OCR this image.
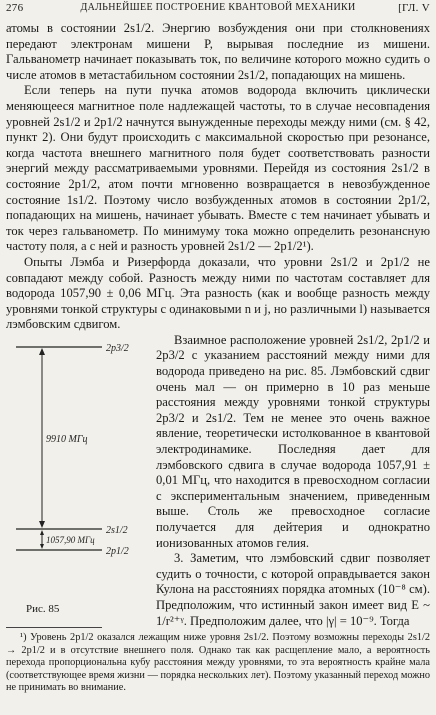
276	ДАЛЬНЕЙШЕЕ ПОСТРОЕНИЕ КВАНТОВОЙ МЕХАНИКИ	[ГЛ. V

атомы в состоянии 2s1/2. Энергию возбуждения они при столкновениях передают электронам мишени P, вырывая последние из мишени. Гальванометр начинает показывать ток, по величине которого можно судить о числе атомов в метастабильном состоянии 2s1/2, попадающих на мишень.

Если теперь на пути пучка атомов водорода включить циклически меняющееся магнитное поле надлежащей частоты, то в случае несовпадения уровней 2s1/2 и 2p1/2 начнутся вынужденные переходы между ними (см. § 42, пункт 2). Они будут происходить с максимальной скоростью при резонансе, когда частота внешнего магнитного поля будет соответствовать разности энергий между рассматриваемыми уровнями. Перейдя из состояния 2s1/2 в состояние 2p1/2, атом почти мгновенно возвращается в невозбужденное состояние 1s1/2. Поэтому число возбужденных атомов в состоянии 2p1/2, попадающих на мишень, начинает убывать. Вместе с тем начинает убывать и ток через гальванометр. По минимуму тока можно определить резонансную частоту поля, а с ней и разность уровней 2s1/2 — 2p1/2¹).

Опыты Лэмба и Ризерфорда доказали, что уровни 2s1/2 и 2p1/2 не совпадают между собой. Разность между ними по частотам составляет для водорода 1057,90 ± 0,06 МГц. Эта разность (как и вообще разность между уровнями тонкой структуры с одинаковыми n и j, но различными l) называется лэмбовским сдвигом.

2p3/2
2s1/2
2p1/2
9910 МГц
1057,90 МГц
Рис. 85

Взаимное расположение уровней 2s1/2, 2p1/2 и 2p3/2 с указанием расстояний между ними для водорода приведено на рис. 85. Лэмбовский сдвиг очень мал — он примерно в 10 раз меньше расстояния между уровнями тонкой структуры 2p3/2 и 2s1/2. Тем не менее это очень важное явление, теоретически истолкованное в квантовой электродинамике. Последняя дает для лэмбовского сдвига в случае водорода 1057,91 ± 0,01 МГц, что находится в превосходном согласии с экспериментальным значением, приведенным выше. Столь же превосходное согласие получается для дейтерия и однократно ионизованных атомов гелия.

3. Заметим, что лэмбовский сдвиг позволяет судить о точности, с которой оправдывается закон Кулона на расстояниях порядка атомных (10⁻⁸ см). Предположим, что истинный закон имеет вид E ~ 1/r²⁺ᵞ. Предположим далее, что |γ| = 10⁻⁹. Тогда

¹) Уровень 2p1/2 оказался лежащим ниже уровня 2s1/2. Поэтому возможны переходы 2s1/2 → 2p1/2 и в отсутствие внешнего поля. Однако так как расщепление мало, а вероятность перехода пропорциональна кубу расстояния между уровнями, то эта вероятность крайне мала (соответствующее время жизни — порядка нескольких лет). Поэтому указанный переход можно не принимать во внимание.
